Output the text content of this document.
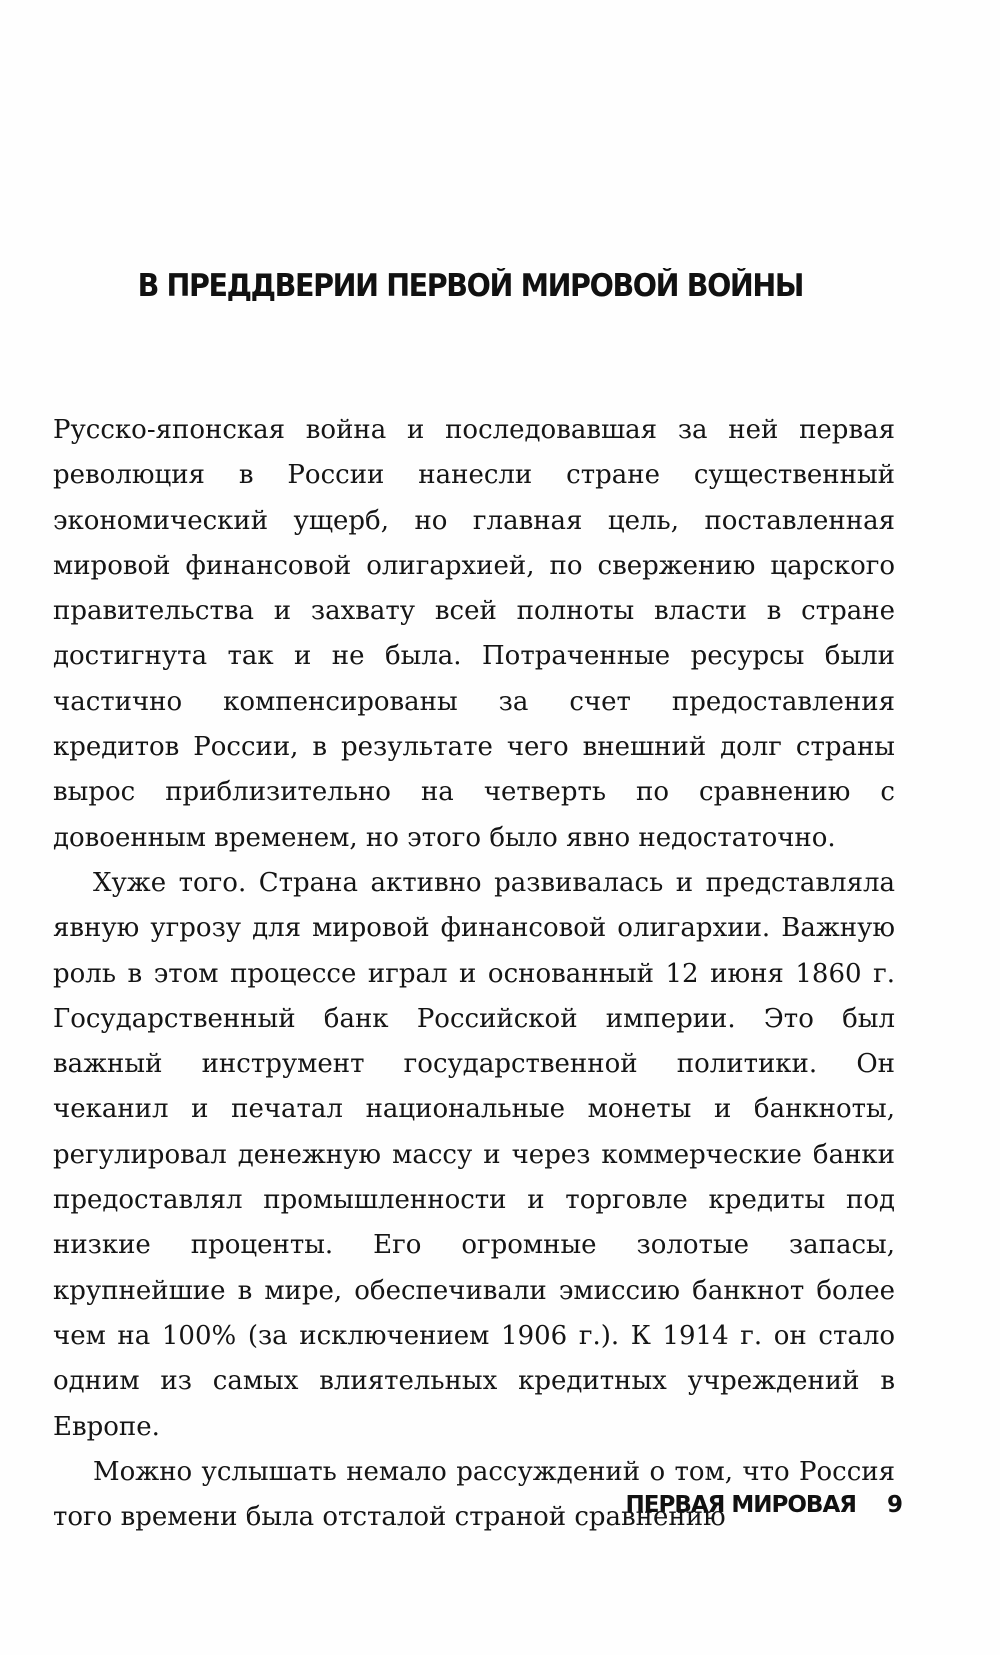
В ПРЕДДВЕРИИ ПЕРВОЙ МИРОВОЙ ВОЙНЫ

Русско-японская война и последовавшая за ней первая революция в России нанесли стране существенный экономический ущерб, но главная цель, поставленная мировой финансовой олигархией, по свержению царского правительства и захвату всей полноты власти в стране достигнута так и не была. Потраченные ресурсы были частично компенсированы за счет предоставления кредитов России, в результате чего внешний долг страны вырос приблизительно на четверть по сравнению с довоенным временем, но этого было явно недостаточно.

Хуже того. Страна активно развивалась и представляла явную угрозу для мировой финансовой олигархии. Важную роль в этом процессе играл и основанный 12 июня 1860 г. Государственный банк Российской империи. Это был важный инструмент государственной политики. Он чеканил и печатал национальные монеты и банкноты, регулировал денежную массу и через коммерческие банки предоставлял промышленности и торговле кредиты под низкие проценты. Его огромные золотые запасы, крупнейшие в мире, обеспечивали эмиссию банкнот более чем на 100% (за исключением 1906 г.). К 1914 г. он стало одним из самых влиятельных кредитных учреждений в Европе.

Можно услышать немало рассуждений о том, что Россия того времени была отсталой страной сравнению

ПЕРВАЯ МИРОВАЯ 9
